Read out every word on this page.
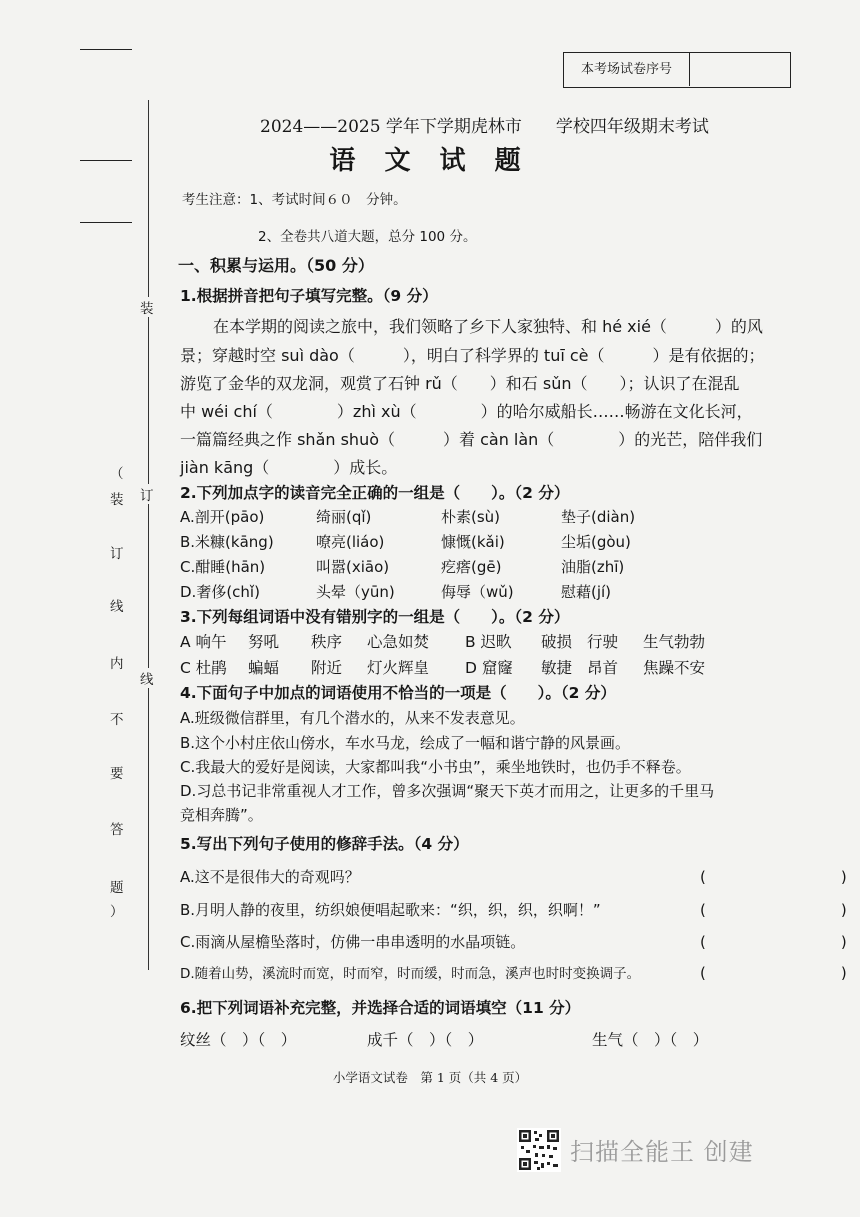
装
（
装
订
线
内
不
要
答
题
）
订
线
本考场试卷序号
2024——2025 学年下学期虎林市　　学校四年级期末考试
语 文 试 题
考生注意：1、考试时间６０　分钟。
2、全卷共八道大题，总分 100 分。
一、积累与运用。（50 分）
1.根据拼音把句子填写完整。（9 分）
在本学期的阅读之旅中，我们领略了乡下人家独特、和 hé xié（　　　）的风
景；穿越时空 suì dào（　　　），明白了科学界的 tuī cè（　　　）是有依据的；
游览了金华的双龙洞，观赏了石钟 rǔ（　　）和石 sǔn（　　）；认识了在混乱
中 wéi chí（　　　　）zhì xù（　　　　）的哈尔威船长……畅游在文化长河，
一篇篇经典之作 shǎn shuò（　　　）着 càn làn（　　　　）的光芒，陪伴我们
jiàn kāng（　　　　）成长。
2.下列加点字的读音完全正确的一组是（　　）。（2 分）
A.剖开(pāo)	绮丽(qǐ)	朴素(sù)	垫子(diàn)
B.米糠(kāng)	嘹亮(liáo)	慷慨(kǎi)	尘垢(gòu)
C.酣睡(hān)	叫嚣(xiāo)	疙瘩(gē)	油脂(zhī)
D.奢侈(chǐ)	头晕（yūn)	侮辱（wǔ)	慰藉(jí)
3.下列每组词语中没有错别字的一组是（　　）。（2 分）
A 响午 努吼 秩序 心急如焚 B 迟畂 破损 行驶 生气勃勃
C 杜鹃 蝙蝠 附近 灯火辉皇 D 窟窿 敏捷 昂首 焦躁不安
4.下面句子中加点的词语使用不恰当的一项是（　　）。（2 分）
A.班级微信群里，有几个潜水的，从来不发表意见。
B.这个小村庄依山傍水，车水马龙，绘成了一幅和谐宁静的风景画。
C.我最大的爱好是阅读，大家都叫我“小书虫”，乘坐地铁时，也仍手不释卷。
D.习总书记非常重视人才工作，曾多次强调“聚天下英才而用之，让更多的千里马
竞相奔腾”。
5.写出下列句子使用的修辞手法。（4 分）
A.这不是很伟大的奇观吗？	(　　　　　　　　　)
B.月明人静的夜里，纺织娘便唱起歌来：“织，织，织，织啊！”	(　　　　　　　　　)
C.雨滴从屋檐坠落时，仿佛一串串透明的水晶项链。	(　　　　　　　　　)
D.随着山势，溪流时而宽，时而窄，时而缓，时而急，溪声也时时变换调子。	(　　　　　　　　　)
6.把下列词语补充完整，并选择合适的词语填空（11 分）
纹丝（　）（　）	成千（　）（　）	生气（　）（　）
小学语文试卷　第 1 页（共 4 页）
扫描全能王 创建
